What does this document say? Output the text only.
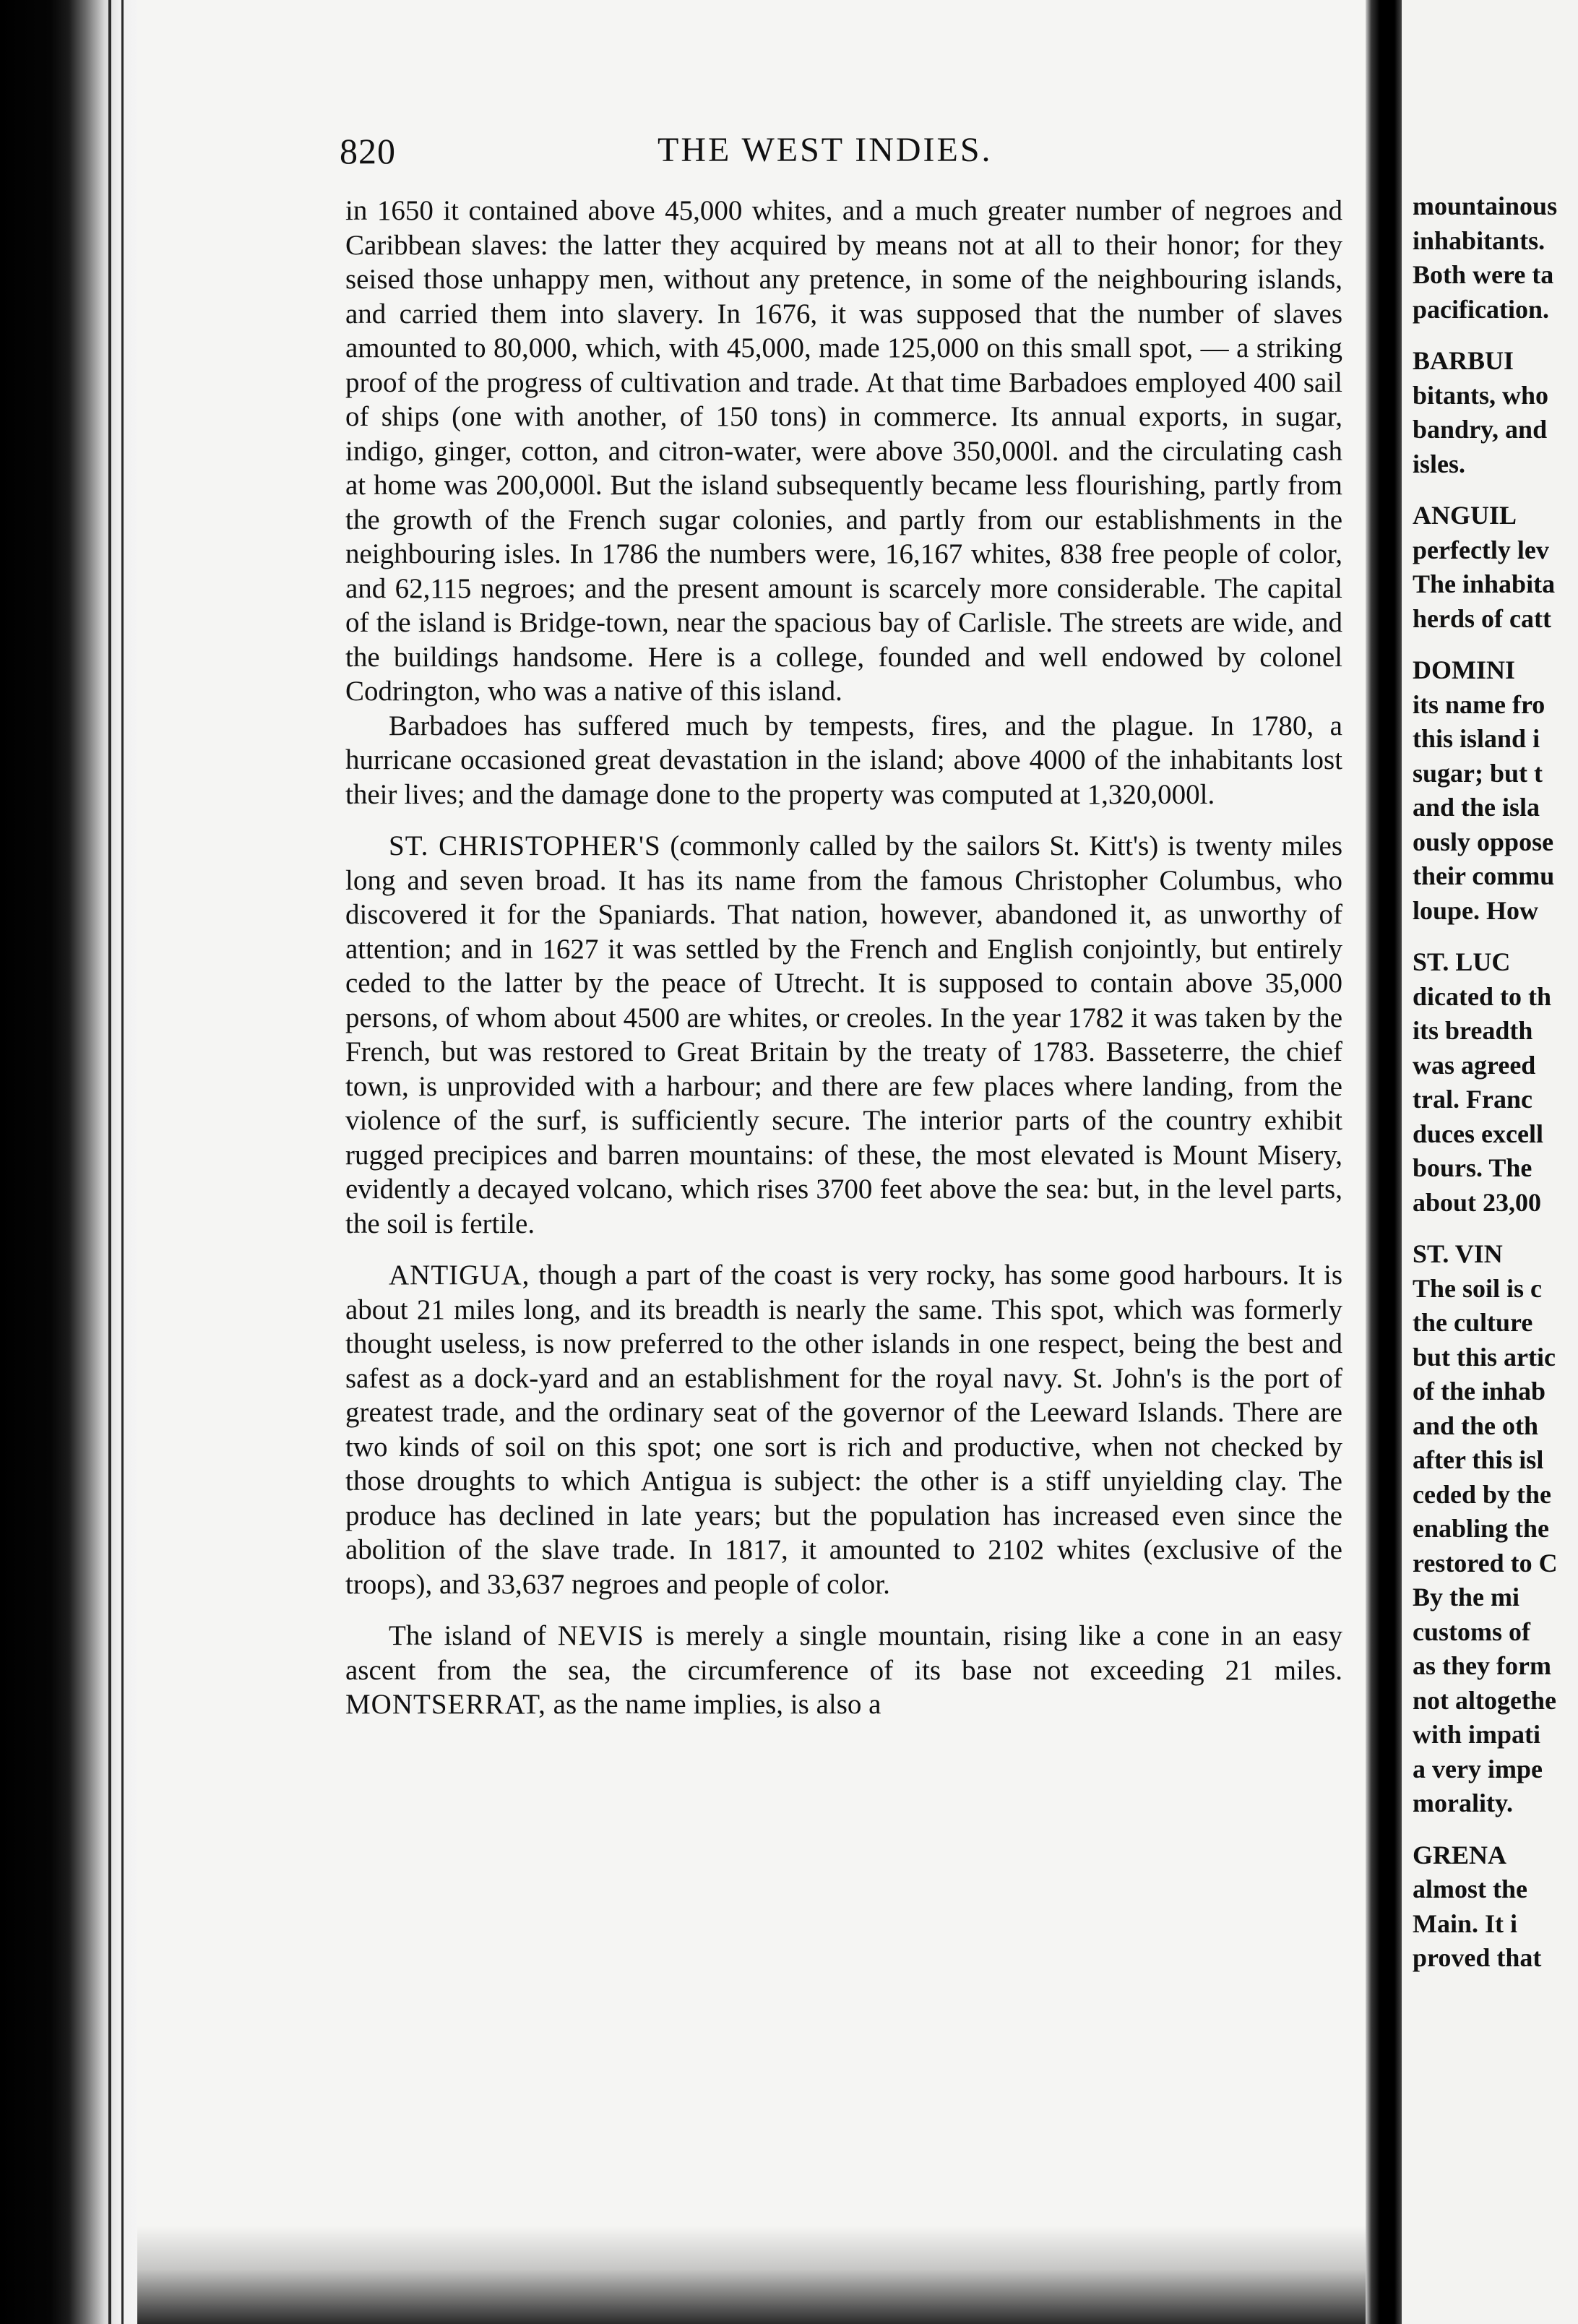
820	THE WEST INDIES.

in 1650 it contained above 45,000 whites, and a much greater number of negroes and Caribbean slaves: the latter they acquired by means not at all to their honor; for they seised those unhappy men, without any pretence, in some of the neighbouring islands, and carried them into slavery. In 1676, it was supposed that the number of slaves amounted to 80,000, which, with 45,000, made 125,000 on this small spot, — a striking proof of the progress of cultivation and trade. At that time Barbadoes employed 400 sail of ships (one with another, of 150 tons) in commerce. Its annual exports, in sugar, indigo, ginger, cotton, and citron-water, were above 350,000l. and the circulating cash at home was 200,000l. But the island subsequently became less flourishing, partly from the growth of the French sugar colonies, and partly from our establishments in the neighbouring isles. In 1786 the numbers were, 16,167 whites, 838 free people of color, and 62,115 negroes; and the present amount is scarcely more considerable. The capital of the island is Bridge-town, near the spacious bay of Carlisle. The streets are wide, and the buildings handsome. Here is a college, founded and well endowed by colonel Codrington, who was a native of this island.

Barbadoes has suffered much by tempests, fires, and the plague. In 1780, a hurricane occasioned great devastation in the island; above 4000 of the inhabitants lost their lives; and the damage done to the property was computed at 1,320,000l.

ST. CHRISTOPHER'S (commonly called by the sailors St. Kitt's) is twenty miles long and seven broad. It has its name from the famous Christopher Columbus, who discovered it for the Spaniards. That nation, however, abandoned it, as unworthy of attention; and in 1627 it was settled by the French and English conjointly, but entirely ceded to the latter by the peace of Utrecht. It is supposed to contain above 35,000 persons, of whom about 4500 are whites, or creoles. In the year 1782 it was taken by the French, but was restored to Great Britain by the treaty of 1783. Basseterre, the chief town, is unprovided with a harbour; and there are few places where landing, from the violence of the surf, is sufficiently secure. The interior parts of the country exhibit rugged precipices and barren mountains: of these, the most elevated is Mount Misery, evidently a decayed volcano, which rises 3700 feet above the sea: but, in the level parts, the soil is fertile.

ANTIGUA, though a part of the coast is very rocky, has some good harbours. It is about 21 miles long, and its breadth is nearly the same. This spot, which was formerly thought useless, is now preferred to the other islands in one respect, being the best and safest as a dock-yard and an establishment for the royal navy. St. John's is the port of greatest trade, and the ordinary seat of the governor of the Leeward Islands. There are two kinds of soil on this spot; one sort is rich and productive, when not checked by those droughts to which Antigua is subject: the other is a stiff unyielding clay. The produce has declined in late years; but the population has increased even since the abolition of the slave trade. In 1817, it amounted to 2102 whites (exclusive of the troops), and 33,637 negroes and people of color.

The island of NEVIS is merely a single mountain, rising like a cone in an easy ascent from the sea, the circumference of its base not exceeding 21 miles. MONTSERRAT, as the name implies, is also a

mountainous
inhabitants.
Both were ta
pacification.
BARBUI
bitants, who
bandry, and
isles.
ANGUIL
perfectly lev
The inhabita
herds of catt
DOMINI
its name fro
this island i
sugar; but t
and the isla
ously oppose
their commu
loupe. How
ST. LUC
dicated to th
its breadth
was agreed
tral. Franc
duces excell
bours. The
about 23,00
ST. VIN
The soil is c
the culture
but this artic
of the inhab
and the oth
after this isl
ceded by the
enabling the
restored to C
By the mi
customs of
as they form
not altogethe
with impati
a very impe
morality.
GRENA
almost the
Main. It i
proved that
